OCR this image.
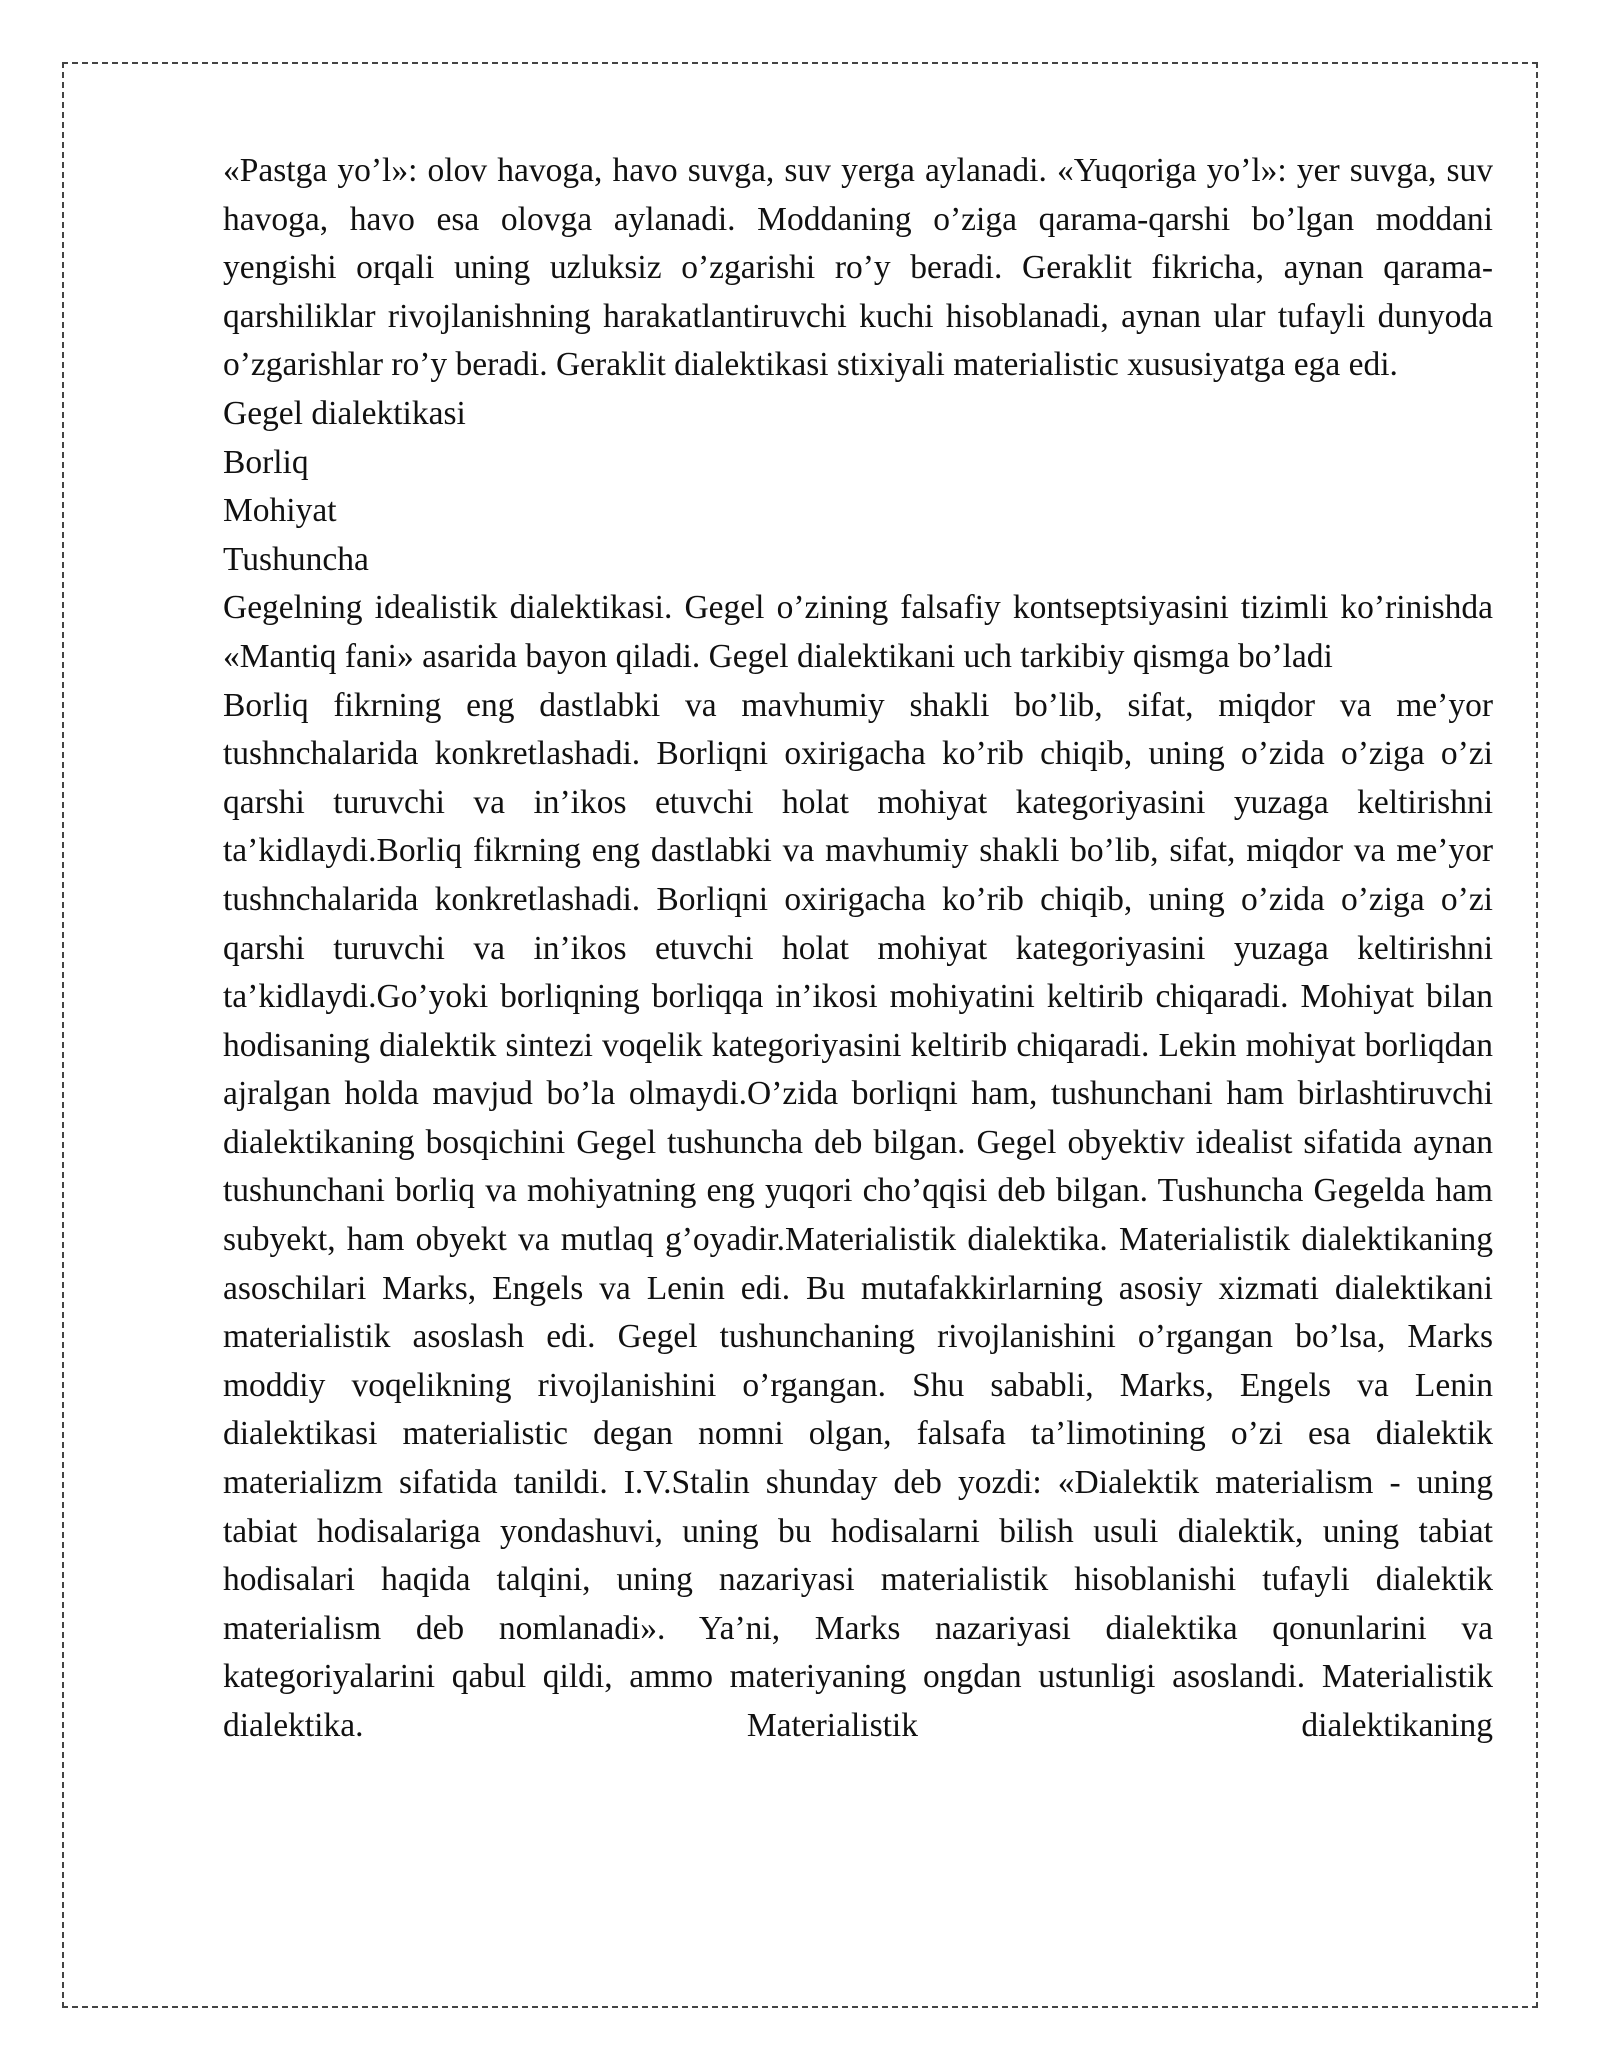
«Pastga yo’l»: olov havoga, havo suvga, suv yerga aylanadi. «Yuqoriga yo’l»: yer suvga, suv havoga, havo esa olovga aylanadi. Moddaning o’ziga qarama-qarshi bo’lgan moddani yengishi orqali uning uzluksiz o’zgarishi ro’y beradi. Geraklit fikricha, aynan qarama-qarshiliklar rivojlanishning harakatlantiruvchi kuchi hisoblanadi, aynan ular tufayli dunyoda o’zgarishlar ro’y beradi. Geraklit dialektikasi stixiyali materialistic xususiyatga ega edi.

Gegel dialektikasi

Borliq

Mohiyat

Tushuncha

Gegelning idealistik dialektikasi. Gegel o’zining falsafiy kontseptsiyasini tizimli ko’rinishda «Mantiq fani» asarida bayon qiladi. Gegel dialektikani uch tarkibiy qismga bo’ladi

Borliq fikrning eng dastlabki va mavhumiy shakli bo’lib, sifat, miqdor va me’yor tushnchalarida konkretlashadi. Borliqni oxirigacha ko’rib chiqib, uning o’zida o’ziga o’zi qarshi turuvchi va in’ikos etuvchi holat mohiyat kategoriyasini yuzaga keltirishni ta’kidlaydi.Borliq fikrning eng dastlabki va mavhumiy shakli bo’lib, sifat, miqdor va me’yor tushnchalarida konkretlashadi. Borliqni oxirigacha ko’rib chiqib, uning o’zida o’ziga o’zi qarshi turuvchi va in’ikos etuvchi holat mohiyat kategoriyasini yuzaga keltirishni ta’kidlaydi.Go’yoki borliqning borliqqa in’ikosi mohiyatini keltirib chiqaradi. Mohiyat bilan hodisaning dialektik sintezi voqelik kategoriyasini keltirib chiqaradi. Lekin mohiyat borliqdan ajralgan holda mavjud bo’la olmaydi.O’zida borliqni ham, tushunchani ham birlashtiruvchi dialektikaning bosqichini Gegel tushuncha deb bilgan. Gegel obyektiv idealist sifatida aynan tushunchani borliq va mohiyatning eng yuqori cho’qqisi deb bilgan. Tushuncha Gegelda ham subyekt, ham obyekt va mutlaq g’oyadir.Materialistik dialektika. Materialistik dialektikaning asoschilari Marks, Engels va Lenin edi. Bu mutafakkirlarning asosiy xizmati dialektikani materialistik asoslash edi. Gegel tushunchaning rivojlanishini o’rgangan bo’lsa, Marks moddiy voqelikning rivojlanishini o’rgangan. Shu sababli, Marks, Engels va Lenin dialektikasi materialistic degan nomni olgan, falsafa ta’limotining o’zi esa dialektik materializm sifatida tanildi. I.V.Stalin shunday deb yozdi: «Dialektik materialism - uning tabiat hodisalariga yondashuvi, uning bu hodisalarni bilish usuli dialektik, uning tabiat hodisalari haqida talqini, uning nazariyasi materialistik hisoblanishi tufayli dialektik materialism deb nomlanadi». Ya’ni, Marks nazariyasi dialektika qonunlarini va kategoriyalarini qabul qildi, ammo materiyaning ongdan ustunligi asoslandi. Materialistik dialektika. Materialistik dialektikaning
